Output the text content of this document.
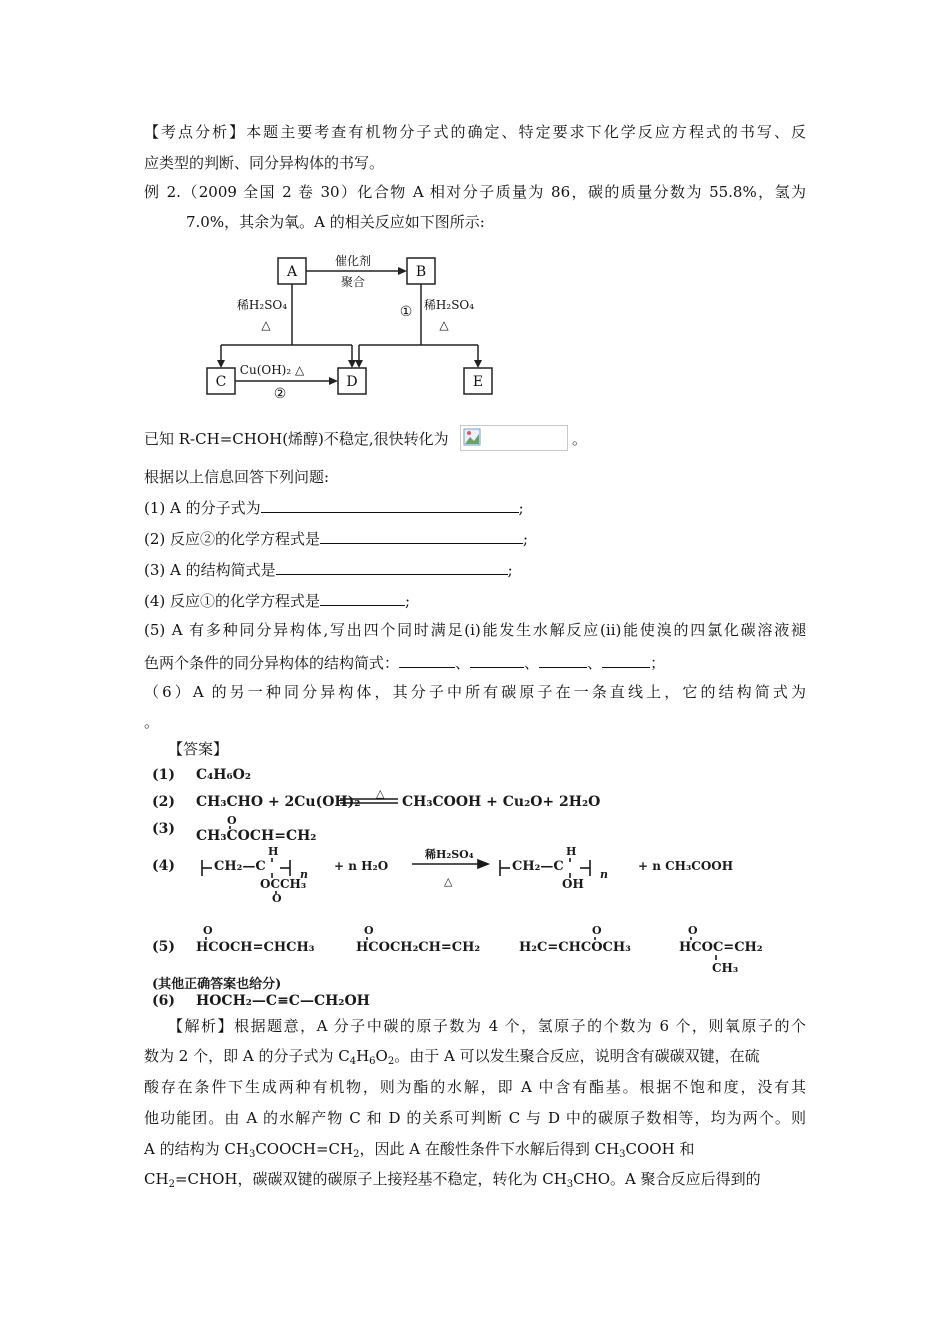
【考点分析】本题主要考查有机物分子式的确定、特定要求下化学反应方程式的书写、反
应类型的判断、同分异构体的书写。
例 2.（2009 全国 2 卷 30）化合物 A 相对分子质量为 86，碳的质量分数为 55.8%，氢为
7.0%，其余为氧。A 的相关反应如下图所示:
A	B
C	D	E
催化剂
聚合
稀H₂SO₄
△
① 稀H₂SO₄
△
Cu(OH)₂ △
②
已知 R-CH=CHOH(烯醇)不稳定,很快转化为	。
根据以上信息回答下列问题:
(1) A 的分子式为	;
(2) 反应②的化学方程式是	;
(3) A 的结构简式是	;
(4) 反应①的化学方程式是	;
(5) A 有多种同分异构体,写出四个同时满足(i)能发生水解反应(ii)能使溴的四氯化碳溶液褪
色两个条件的同分异构体的结构简式：	、	、	、	；
（6）A 的另一种同分异构体，其分子中所有碳原子在一条直线上，它的结构简式为
。
【答案】
(1) C₄H₆O₂
(2) CH₃CHO + 2Cu(OH)₂
△
CH₃COOH + Cu₂O+ 2H₂O
(3)
O
CH₃COCH=CH₂
(4)	CH₂—C
H
n
OCCH₃
O
+ n H₂O
稀H₂SO₄
△
CH₂—C
H
n
OH
+ n CH₃COOH
(5)
O
HCOCH=CHCH₃
O
HCOCH₂CH=CH₂
O
H₂C=CHCOCH₃
O
HCOC=CH₂
CH₃
(其他正确答案也给分)
(6) HOCH₂—C≡C—CH₂OH
【解析】根据题意，A 分子中碳的原子数为 4 个，氢原子的个数为 6 个，则氧原子的个
数为 2 个，即 A 的分子式为 $C_4H_6O_2$。由于 A 可以发生聚合反应，说明含有碳碳双键，在硫
酸存在条件下生成两种有机物，则为酯的水解，即 A 中含有酯基。根据不饱和度，没有其
他功能团。由 A 的水解产物 C 和 D 的关系可判断 C 与 D 中的碳原子数相等，均为两个。则
A 的结构为 $CH_3COOCH=CH_2$，因此 A 在酸性条件下水解后得到 $CH_3COOH$ 和
$CH_2=CHOH$，碳碳双键的碳原子上接羟基不稳定，转化为 $CH_3CHO$。A 聚合反应后得到的
